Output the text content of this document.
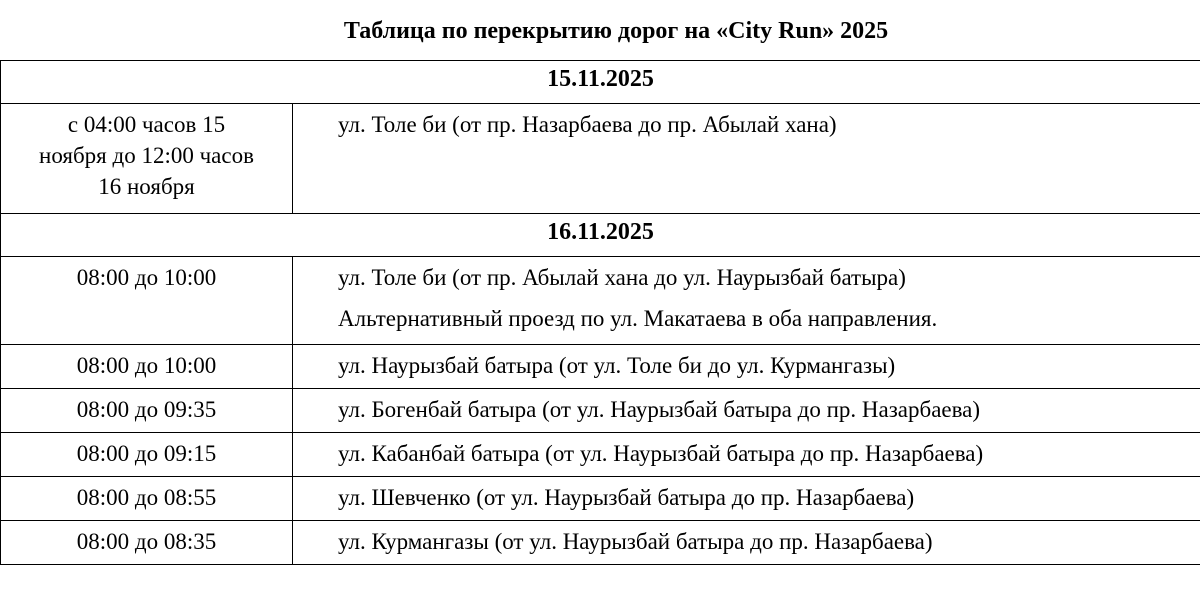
Таблица по перекрытию дорог на «City Run» 2025
15.11.2025	

с 04:00 часов 15
ноября до 12:00 часов
16 ноября	ул. Толе би (от пр. Назарбаева до пр. Абылай хана)

16.11.2025	

08:00 до 10:00	ул. Толе би (от пр. Абылай хана до ул. Наурызбай батыра)
Альтернативный проезд по ул. Макатаева в оба направления.

08:00 до 10:00	ул. Наурызбай батыра (от ул. Толе би до ул. Курмангазы)

08:00 до 09:35	ул. Богенбай батыра (от ул. Наурызбай батыра до пр. Назарбаева)

08:00 до 09:15	ул. Кабанбай батыра (от ул. Наурызбай батыра до пр. Назарбаева)

08:00 до 08:55	ул. Шевченко (от ул. Наурызбай батыра до пр. Назарбаева)

08:00 до 08:35	ул. Курмангазы (от ул. Наурызбай батыра до пр. Назарбаева)
